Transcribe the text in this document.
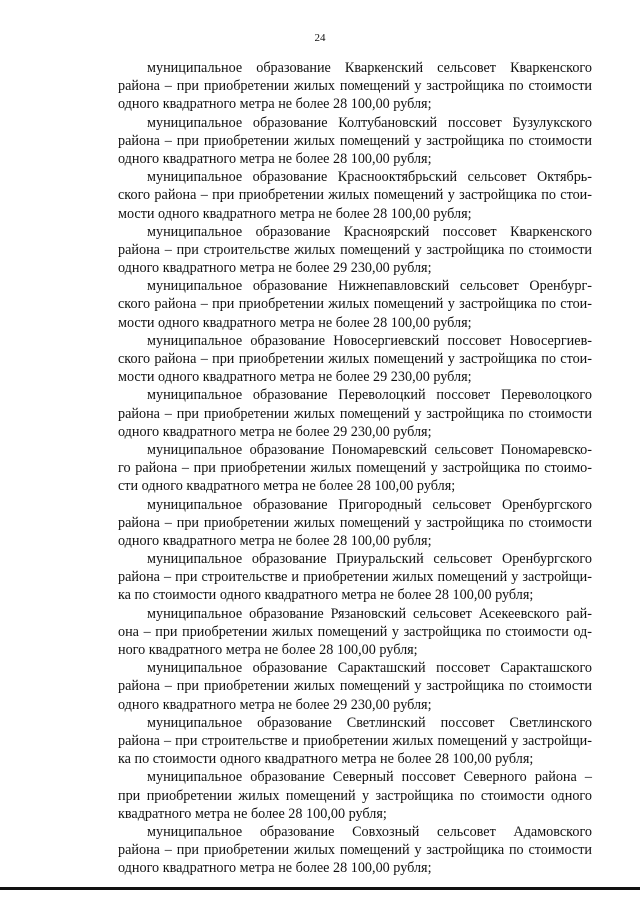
24
муниципальное образование Кваркенский сельсовет Кваркенского
района – при приобретении жилых помещений у застройщика по стоимости
одного квадратного метра не более 28 100,00 рубля;
муниципальное образование Колтубановский поссовет Бузулукского
района – при приобретении жилых помещений у застройщика по стоимости
одного квадратного метра не более 28 100,00 рубля;
муниципальное образование Краснооктябрьский сельсовет Октябрь-
ского района – при приобретении жилых помещений у застройщика по стои-
мости одного квадратного метра не более 28 100,00 рубля;
муниципальное образование Красноярский поссовет Кваркенского
района – при строительстве жилых помещений у застройщика по стоимости
одного квадратного метра не более 29 230,00 рубля;
муниципальное образование Нижнепавловский сельсовет Оренбург-
ского района – при приобретении жилых помещений у застройщика по стои-
мости одного квадратного метра не более 28 100,00 рубля;
муниципальное образование Новосергиевский поссовет Новосергиев-
ского района – при приобретении жилых помещений у застройщика по стои-
мости одного квадратного метра не более 29 230,00 рубля;
муниципальное образование Переволоцкий поссовет Переволоцкого
района – при приобретении жилых помещений у застройщика по стоимости
одного квадратного метра не более 29 230,00 рубля;
муниципальное образование Пономаревский сельсовет Пономаревско-
го района – при приобретении жилых помещений у застройщика по стоимо-
сти одного квадратного метра не более 28 100,00 рубля;
муниципальное образование Пригородный сельсовет Оренбургского
района – при приобретении жилых помещений у застройщика по стоимости
одного квадратного метра не более 28 100,00 рубля;
муниципальное образование Приуральский сельсовет Оренбургского
района – при строительстве и приобретении жилых помещений у застройщи-
ка по стоимости одного квадратного метра не более 28 100,00 рубля;
муниципальное образование Рязановский сельсовет Асекеевского рай-
она – при приобретении жилых помещений у застройщика по стоимости од-
ного квадратного метра не более 28 100,00 рубля;
муниципальное образование Саракташский поссовет Саракташского
района – при приобретении жилых помещений у застройщика по стоимости
одного квадратного метра не более 29 230,00 рубля;
муниципальное образование Светлинский поссовет Светлинского
района – при строительстве и приобретении жилых помещений у застройщи-
ка по стоимости одного квадратного метра не более 28 100,00 рубля;
муниципальное образование Северный поссовет Северного района –
при приобретении жилых помещений у застройщика по стоимости одного
квадратного метра не более 28 100,00 рубля;
муниципальное образование Совхозный сельсовет Адамовского
района – при приобретении жилых помещений у застройщика по стоимости
одного квадратного метра не более 28 100,00 рубля;
